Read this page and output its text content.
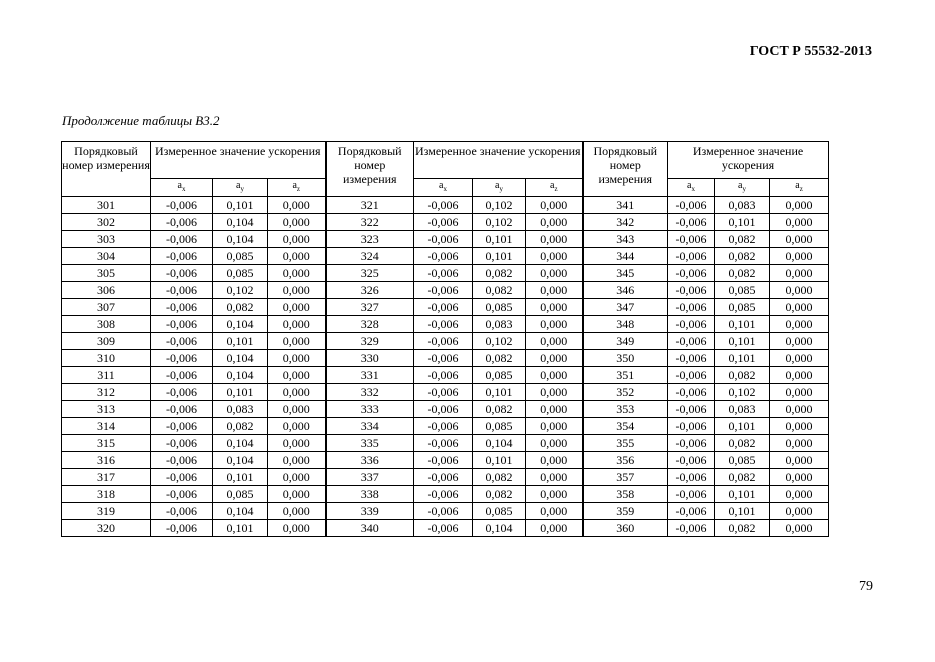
ГОСТ Р 55532-2013
Продолжение таблицы В3.2
Порядковый номер измерения	Измеренное значение ускорения			Порядковый номер измерения	Измеренное значение ускорения			Порядковый номер измерения	Измеренное значение ускорения		
	$a_x$	$a_y$	$a_z$		$a_x$	$a_y$	$a_z$		$a_x$	$a_y$	$a_z$
301	-0,006	0,101	0,000	321	-0,006	0,102	0,000	341	-0,006	0,083	0,000
302	-0,006	0,104	0,000	322	-0,006	0,102	0,000	342	-0,006	0,101	0,000
303	-0,006	0,104	0,000	323	-0,006	0,101	0,000	343	-0,006	0,082	0,000
304	-0,006	0,085	0,000	324	-0,006	0,101	0,000	344	-0,006	0,082	0,000
305	-0,006	0,085	0,000	325	-0,006	0,082	0,000	345	-0,006	0,082	0,000
306	-0,006	0,102	0,000	326	-0,006	0,082	0,000	346	-0,006	0,085	0,000
307	-0,006	0,082	0,000	327	-0,006	0,085	0,000	347	-0,006	0,085	0,000
308	-0,006	0,104	0,000	328	-0,006	0,083	0,000	348	-0,006	0,101	0,000
309	-0,006	0,101	0,000	329	-0,006	0,102	0,000	349	-0,006	0,101	0,000
310	-0,006	0,104	0,000	330	-0,006	0,082	0,000	350	-0,006	0,101	0,000
311	-0,006	0,104	0,000	331	-0,006	0,085	0,000	351	-0,006	0,082	0,000
312	-0,006	0,101	0,000	332	-0,006	0,101	0,000	352	-0,006	0,102	0,000
313	-0,006	0,083	0,000	333	-0,006	0,082	0,000	353	-0,006	0,083	0,000
314	-0,006	0,082	0,000	334	-0,006	0,085	0,000	354	-0,006	0,101	0,000
315	-0,006	0,104	0,000	335	-0,006	0,104	0,000	355	-0,006	0,082	0,000
316	-0,006	0,104	0,000	336	-0,006	0,101	0,000	356	-0,006	0,085	0,000
317	-0,006	0,101	0,000	337	-0,006	0,082	0,000	357	-0,006	0,082	0,000
318	-0,006	0,085	0,000	338	-0,006	0,082	0,000	358	-0,006	0,101	0,000
319	-0,006	0,104	0,000	339	-0,006	0,085	0,000	359	-0,006	0,101	0,000
320	-0,006	0,101	0,000	340	-0,006	0,104	0,000	360	-0,006	0,082	0,000
79
